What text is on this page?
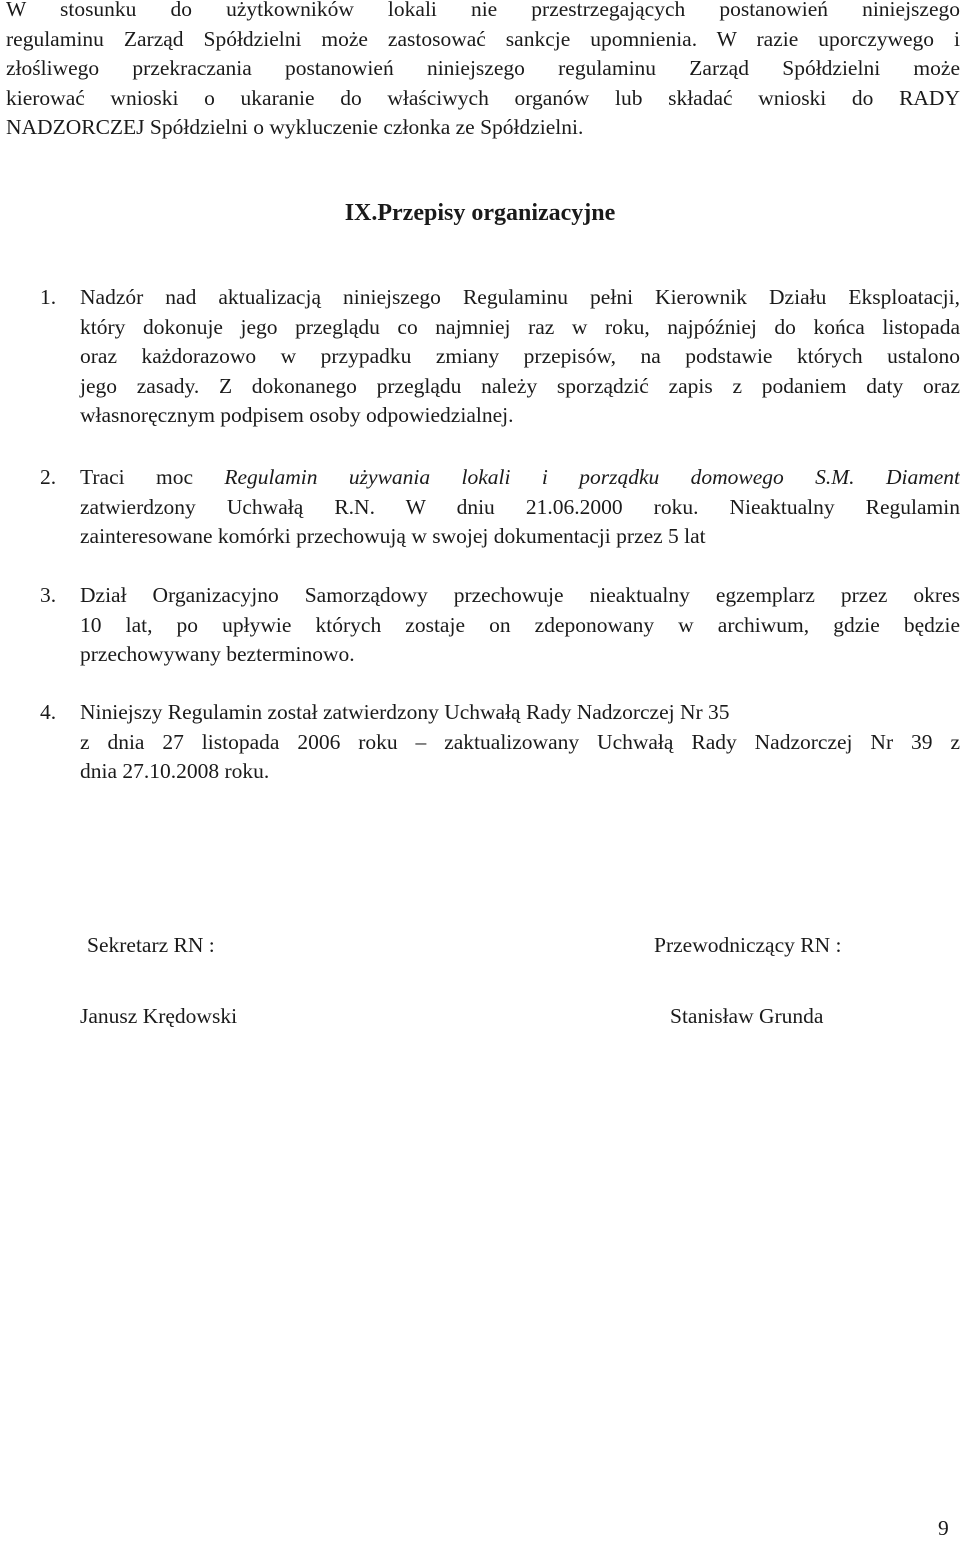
W stosunku do użytkowników lokali nie przestrzegających postanowień niniejszego
regulaminu Zarząd Spółdzielni może zastosować sankcje upomnienia. W razie uporczywego i
złośliwego przekraczania postanowień niniejszego regulaminu Zarząd Spółdzielni może
kierować wnioski o ukaranie do właściwych organów lub składać wnioski do RADY
NADZORCZEJ Spółdzielni o wykluczenie członka ze Spółdzielni.
IX.Przepisy organizacyjne
1. Nadzór nad aktualizacją niniejszego Regulaminu pełni Kierownik Działu Eksploatacji,
który dokonuje jego przeglądu co najmniej raz w roku, najpóźniej do końca listopada
oraz każdorazowo w przypadku zmiany przepisów, na podstawie których ustalono
jego zasady. Z dokonanego przeglądu należy sporządzić zapis z podaniem daty oraz
własnoręcznym podpisem osoby odpowiedzialnej.
2. Traci moc Regulamin używania lokali i porządku domowego S.M. Diament
zatwierdzony Uchwałą R.N. W dniu 21.06.2000 roku. Nieaktualny Regulamin
zainteresowane komórki przechowują w swojej dokumentacji przez 5 lat
3. Dział Organizacyjno Samorządowy przechowuje nieaktualny egzemplarz przez okres
10 lat, po upływie których zostaje on zdeponowany w archiwum, gdzie będzie
przechowywany bezterminowo.
4. Niniejszy Regulamin został zatwierdzony Uchwałą Rady Nadzorczej Nr 35
z dnia 27 listopada 2006 roku – zaktualizowany Uchwałą Rady Nadzorczej Nr 39 z
dnia 27.10.2008 roku.

Sekretarz RN :	Przewodniczący RN :

Janusz Krędowski	Stanisław Grunda

9
